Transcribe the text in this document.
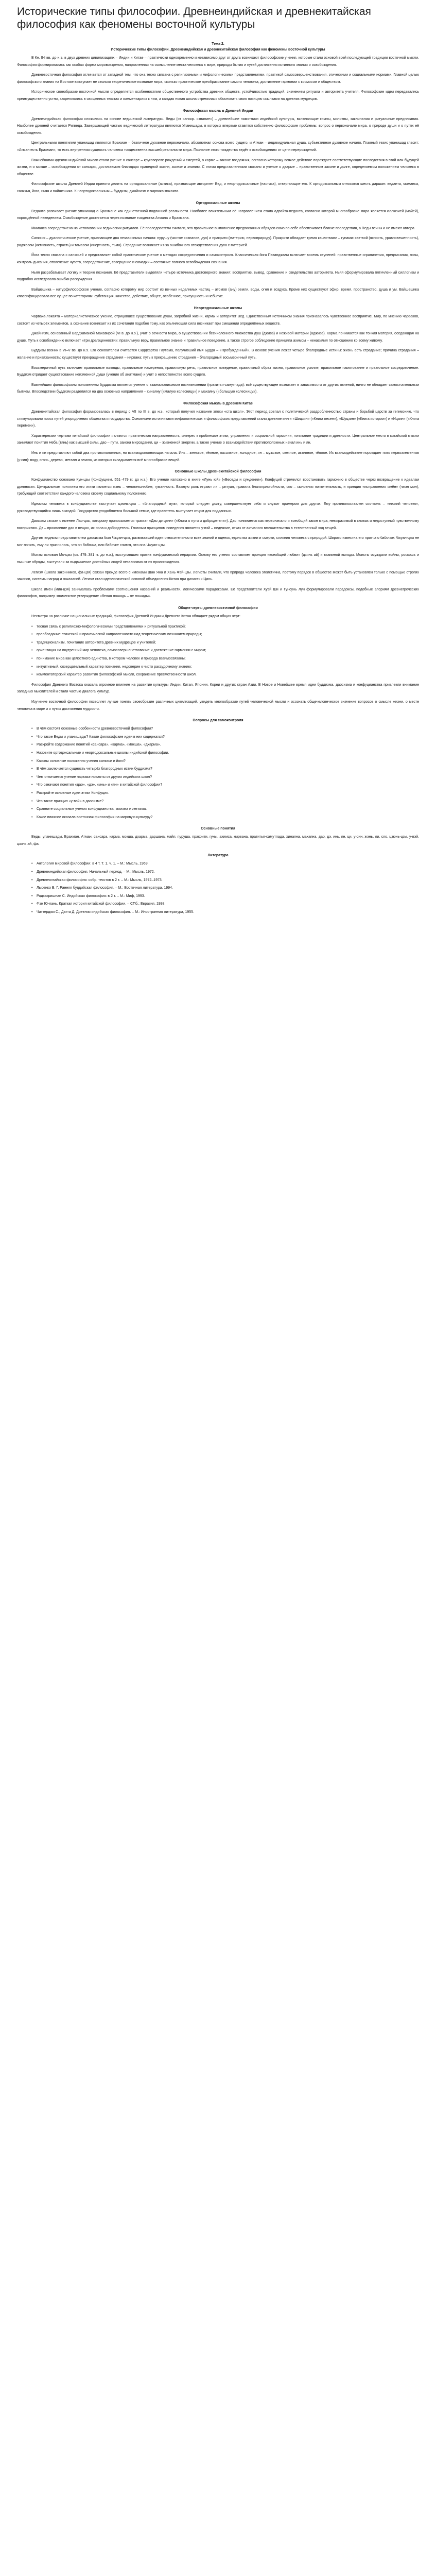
Исторические типы философии. Древнеиндийская и древнекитайская философия как феномены восточной культуры
Тема 2.
Исторические типы философии. Древнеиндийская и древнекитайская философия как феномены восточной культуры

В Кн. II-I вв. до н.э. в двух древних цивилизациях – Индии и Китае – практически одновременно и независимо друг от друга возникают философские учения, которые стали основой всей последующей традиции восточной мысли. Философия формировалась как особая форма мировоззрения, направленная на осмысление места человека в мире, природы бытия и путей достижения истинного знания и освобождения.

Древневосточная философия отличается от западной тем, что она тесно связана с религиозными и мифологическими представлениями, практикой самосовершенствования, этическими и социальными нормами. Главной целью философского знания на Востоке выступает не столько теоретическое познание мира, сколько практическое преобразование самого человека, достижение гармонии с космосом и обществом.

Историческое своеобразие восточной мысли определяется особенностями общественного устройства древних обществ, устойчивостью традиций, значением ритуала и авторитета учителя. Философские идеи передавались преимущественно устно, закреплялись в священных текстах и комментариях к ним, а каждая новая школа стремилась обосновать свою позицию ссылками на древних мудрецов.

Философская мысль в Древней Индии

Древнеиндийская философия сложилась на основе ведической литературы. Веды (от санскр. «знание») – древнейшие памятники индийской культуры, включающие гимны, молитвы, заклинания и ритуальные предписания. Наиболее древней считается Ригведа. Завершающей частью ведической литературы являются Упанишады, в которых впервые ставятся собственно философские проблемы: вопрос о первоначале мира, о природе души и о путях её освобождения.

Центральными понятиями упанишад являются Брахман – безличное духовное первоначало, абсолютная основа всего сущего, и Атман – индивидуальная душа, субъективное духовное начало. Главный тезис упанишад гласит: «Атман есть Брахман», то есть внутренняя сущность человека тождественна высшей реальности мира. Познание этого тождества ведёт к освобождению от цепи перерождений.

Важнейшими идеями индийской мысли стали учение о сансаре – круговороте рождений и смертей, о карме – законе воздаяния, согласно которому всякое действие порождает соответствующие последствия в этой или будущей жизни, и о мокше – освобождении от сансары, достигаемом благодаря праведной жизни, аскезе и знанию. С этими представлениями связано и учение о дхарме – нравственном законе и долге, определяемом положением человека в обществе.

Философские школы Древней Индии принято делить на ортодоксальные (астика), признающие авторитет Вед, и неортодоксальные (настика), отвергающие его. К ортодоксальным относятся шесть даршан: веданта, миманса, санкхья, йога, ньяя и вайшешика. К неортодоксальным – буддизм, джайнизм и чарвака-локаята.

Ортодоксальные школы

Веданта развивает учение упанишад о Брахмане как единственной подлинной реальности. Наиболее влиятельным её направлением стала адвайта-веданта, согласно которой многообразие мира является иллюзией (майей), порождённой неведением. Освобождение достигается через познание тождества Атмана и Брахмана.

Миманса сосредоточена на истолковании ведических ритуалов. Её последователи считали, что правильное выполнение предписанных обрядов само по себе обеспечивает благие последствия, а Веды вечны и не имеют автора.

Санкхья – дуалистическое учение, признающее два независимых начала: пурушу (чистое сознание, дух) и пракрити (материю, первоприроду). Пракрити обладает тремя качествами – гунами: саттвой (ясность, уравновешенность), раджасом (активность, страсть) и тамасом (инертность, тьма). Страдание возникает из-за ошибочного отождествления духа с материей.

Йога тесно связана с санкхьей и представляет собой практическое учение о методах сосредоточения и самоконтроля. Классическая йога Патанджали включает восемь ступеней: нравственные ограничения, предписания, позы, контроль дыхания, отвлечение чувств, сосредоточение, созерцание и самадхи – состояние полного освобождения сознания.

Ньяя разрабатывает логику и теорию познания. Её представители выделяли четыре источника достоверного знания: восприятие, вывод, сравнение и свидетельство авторитета. Ньяя сформулировала пятичленный силлогизм и подробно исследовала ошибки рассуждения.

Вайшешика – натурфилософское учение, согласно которому мир состоит из вечных неделимых частиц – атомов (ану) земли, воды, огня и воздуха. Кроме них существуют эфир, время, пространство, душа и ум. Вайшешика классифицировала все сущее по категориям: субстанция, качество, действие, общее, особенное, присущность и небытие.

Неортодоксальные школы

Чарвака-локаята – материалистическое учение, отрицавшее существование души, загробной жизни, кармы и авторитет Вед. Единственным источником знания признавалось чувственное восприятие. Мир, по мнению чарваков, состоит из четырёх элементов, а сознание возникает из их сочетания подобно тому, как опьяняющая сила возникает при смешении определённых веществ.

Джайнизм, основанный Вардхаманой Махавирой (VI в. до н.э.), учит о вечности мира, о существовании бесчисленного множества душ (джива) и неживой материи (аджива). Карма понимается как тонкая материя, оседающая на душе. Путь к освобождению включает «три драгоценности»: правильную веру, правильное знание и правильное поведение, а также строгое соблюдение принципа ахимсы – ненасилия по отношению ко всему живому.

Буддизм возник в VI–V вв. до н.э. Его основателем считается Сиддхартха Гаутама, получивший имя Будда – «Пробуждённый». В основе учения лежат четыре благородные истины: жизнь есть страдание; причина страдания – желание и привязанность; существует прекращение страдания – нирвана; путь к прекращению страдания – благородный восьмеричный путь.

Восьмеричный путь включает правильные взгляды, правильные намерения, правильную речь, правильное поведение, правильный образ жизни, правильное усилие, правильное памятование и правильное сосредоточение. Буддизм отрицает существование неизменной души (учение об анатмане) и учит о непостоянстве всего сущего.

Важнейшим философским положением буддизма является учение о взаимозависимом возникновении (пратитья-самутпада): всё существующее возникает в зависимости от других явлений, ничто не обладает самостоятельным бытием. Впоследствии буддизм разделился на два основных направления – хинаяну («малую колесницу») и махаяну («большую колесницу»).

Философская мысль в Древнем Китае

Древнекитайская философия формировалась в период с VII по III в. до н.э., который получил название эпохи «ста школ». Этот период совпал с политической раздробленностью страны и борьбой царств за гегемонию, что стимулировало поиск путей упорядочения общества и государства. Основными источниками мифологических и философских представлений стали древние книги «Шицзин» («Книга песен»), «Шуцзин» («Книга истории») и «Ицзин» («Книга перемен»).

Характерными чертами китайской философии являются практическая направленность, интерес к проблемам этики, управления и социальной гармонии, почитание традиции и древности. Центральное место в китайской мысли занимают понятия Неба (тянь) как высшей силы, дао – пути, закона мироздания, ци – жизненной энергии, а также учение о взаимодействии противоположных начал инь и ян.

Инь и ян представляют собой два противоположных, но взаимодополняющих начала. Инь – женское, тёмное, пассивное, холодное; ян – мужское, светлое, активное, тёплое. Их взаимодействие порождает пять первоэлементов (у-син): воду, огонь, дерево, металл и землю, из которых складывается всё многообразие вещей.

Основные школы древнекитайской философии

Конфуцианство основано Кун-цзы (Конфуцием, 551–479 гг. до н.э.). Его учение изложено в книге «Лунь юй» («Беседы и суждения»). Конфуций стремился восстановить гармонию в обществе через возвращение к идеалам древности. Центральным понятием его этики является жэнь – человеколюбие, гуманность. Важную роль играют ли – ритуал, правила благопристойности, сяо – сыновняя почтительность, и принцип «исправления имён» (чжэн мин), требующий соответствия каждого человека своему социальному положению.

Идеалом человека в конфуцианстве выступает цзюнь-цзы – «благородный муж», который следует долгу, совершенствует себя и служит примером для других. Ему противопоставлен сяо-жэнь – «низкий человек», руководствующийся лишь выгодой. Государство уподобляется большой семье, где правитель выступает отцом для подданных.

Даосизм связан с именем Лао-цзы, которому приписывается трактат «Дао дэ цзин» («Книга о пути и добродетели»). Дао понимается как первоначало и всеобщий закон мира, невыразимый в словах и недоступный чувственному восприятию. Дэ – проявление дао в вещах, их сила и добродетель. Главным принципом поведения является у-вэй – недеяние, отказ от активного вмешательства в естественный ход вещей.

Другим видным представителем даосизма был Чжуан-цзы, развивавший идеи относительности всех знаний и оценок, единства жизни и смерти, слияния человека с природой. Широко известна его притча о бабочке: Чжуан-цзы не мог понять, ему ли приснилось, что он бабочка, или бабочке снится, что она Чжуан-цзы.

Моизм основан Мо-цзы (ок. 479–381 гг. до н.э.), выступавшим против конфуцианской иерархии. Основу его учения составляет принцип «всеобщей любви» (цзянь ай) и взаимной выгоды. Моисты осуждали войны, роскошь и пышные обряды, выступали за выдвижение достойных людей независимо от их происхождения.

Легизм (школа законников, фа-цзя) связан прежде всего с именами Шан Яна и Хань Фэй-цзы. Легисты считали, что природа человека эгоистична, поэтому порядок в обществе может быть установлен только с помощью строгих законов, системы наград и наказаний. Легизм стал идеологической основой объединения Китая при династии Цинь.

Школа имён (мин-цзя) занималась проблемами соотношения названий и реальности, логическими парадоксами. Её представители Хуэй Ши и Гунсунь Лун формулировали парадоксы, подобные апориям древнегреческих философов, например знаменитое утверждение «белая лошадь – не лошадь».

Общие черты древневосточной философии

Несмотря на различие национальных традиций, философия Древней Индии и Древнего Китая обладает рядом общих черт:

• тесная связь с религиозно-мифологическими представлениями и ритуальной практикой;
• преобладание этической и практической направленности над теоретическим познанием природы;
• традиционализм, почитание авторитета древних мудрецов и учителей;
• ориентация на внутренний мир человека, самосовершенствование и достижение гармонии с миром;
• понимание мира как целостного единства, в котором человек и природа взаимосвязаны;
• интуитивный, созерцательный характер познания, недоверие к чисто рассудочному знанию;
• комментаторский характер развития философской мысли, сохранение преемственности школ.

Философия Древнего Востока оказала огромное влияние на развитие культуры Индии, Китая, Японии, Кореи и других стран Азии. В Новое и Новейшее время идеи буддизма, даосизма и конфуцианства привлекли внимание западных мыслителей и стали частью диалога культур.

Изучение восточной философии позволяет лучше понять своеобразие различных цивилизаций, увидеть многообразие путей человеческой мысли и осознать общечеловеческое значение вопросов о смысле жизни, о месте человека в мире и о путях достижения мудрости.

Вопросы для самоконтроля
• В чём состоят основные особенности древневосточной философии?
• Что такое Веды и упанишады? Какие философские идеи в них содержатся?
• Раскройте содержание понятий «сансара», «карма», «мокша», «дхарма».
• Назовите ортодоксальные и неортодоксальные школы индийской философии.
• Каковы основные положения учения санкхьи и йоги?
• В чём заключается сущность четырёх благородных истин буддизма?
• Чем отличается учение чарвака-локаяты от других индийских школ?
• Что означают понятия «дао», «дэ», «инь» и «ян» в китайской философии?
• Раскройте основные идеи этики Конфуция.
• Что такое принцип «у-вэй» в даосизме?
• Сравните социальные учения конфуцианства, моизма и легизма.
• Какое влияние оказала восточная философия на мировую культуру?
Основные понятия

Веды, упанишады, Брахман, Атман, сансара, карма, мокша, дхарма, даршана, майя, пуруша, пракрити, гуны, ахимса, нирвана, пратитья-самутпада, хинаяна, махаяна, дао, дэ, инь, ян, ци, у-син, жэнь, ли, сяо, цзюнь-цзы, у-вэй, цзянь ай, фа.

Литература
• Антология мировой философии: в 4 т. Т. 1, ч. 1. – М.: Мысль, 1969.
• Древнеиндийская философия. Начальный период. – М.: Мысль, 1972.
• Древнекитайская философия: собр. текстов в 2 т. – М.: Мысль, 1972–1973.
• Лысенко В. Г. Ранняя буддийская философия. – М.: Восточная литература, 1994.
• Радхакришнан С. Индийская философия: в 2 т. – М.: Миф, 1993.
• Фэн Ю-лань. Краткая история китайской философии. – СПб.: Евразия, 1998.
• Чаттерджи С., Датта Д. Древняя индийская философия. – М.: Иностранная литература, 1955.
